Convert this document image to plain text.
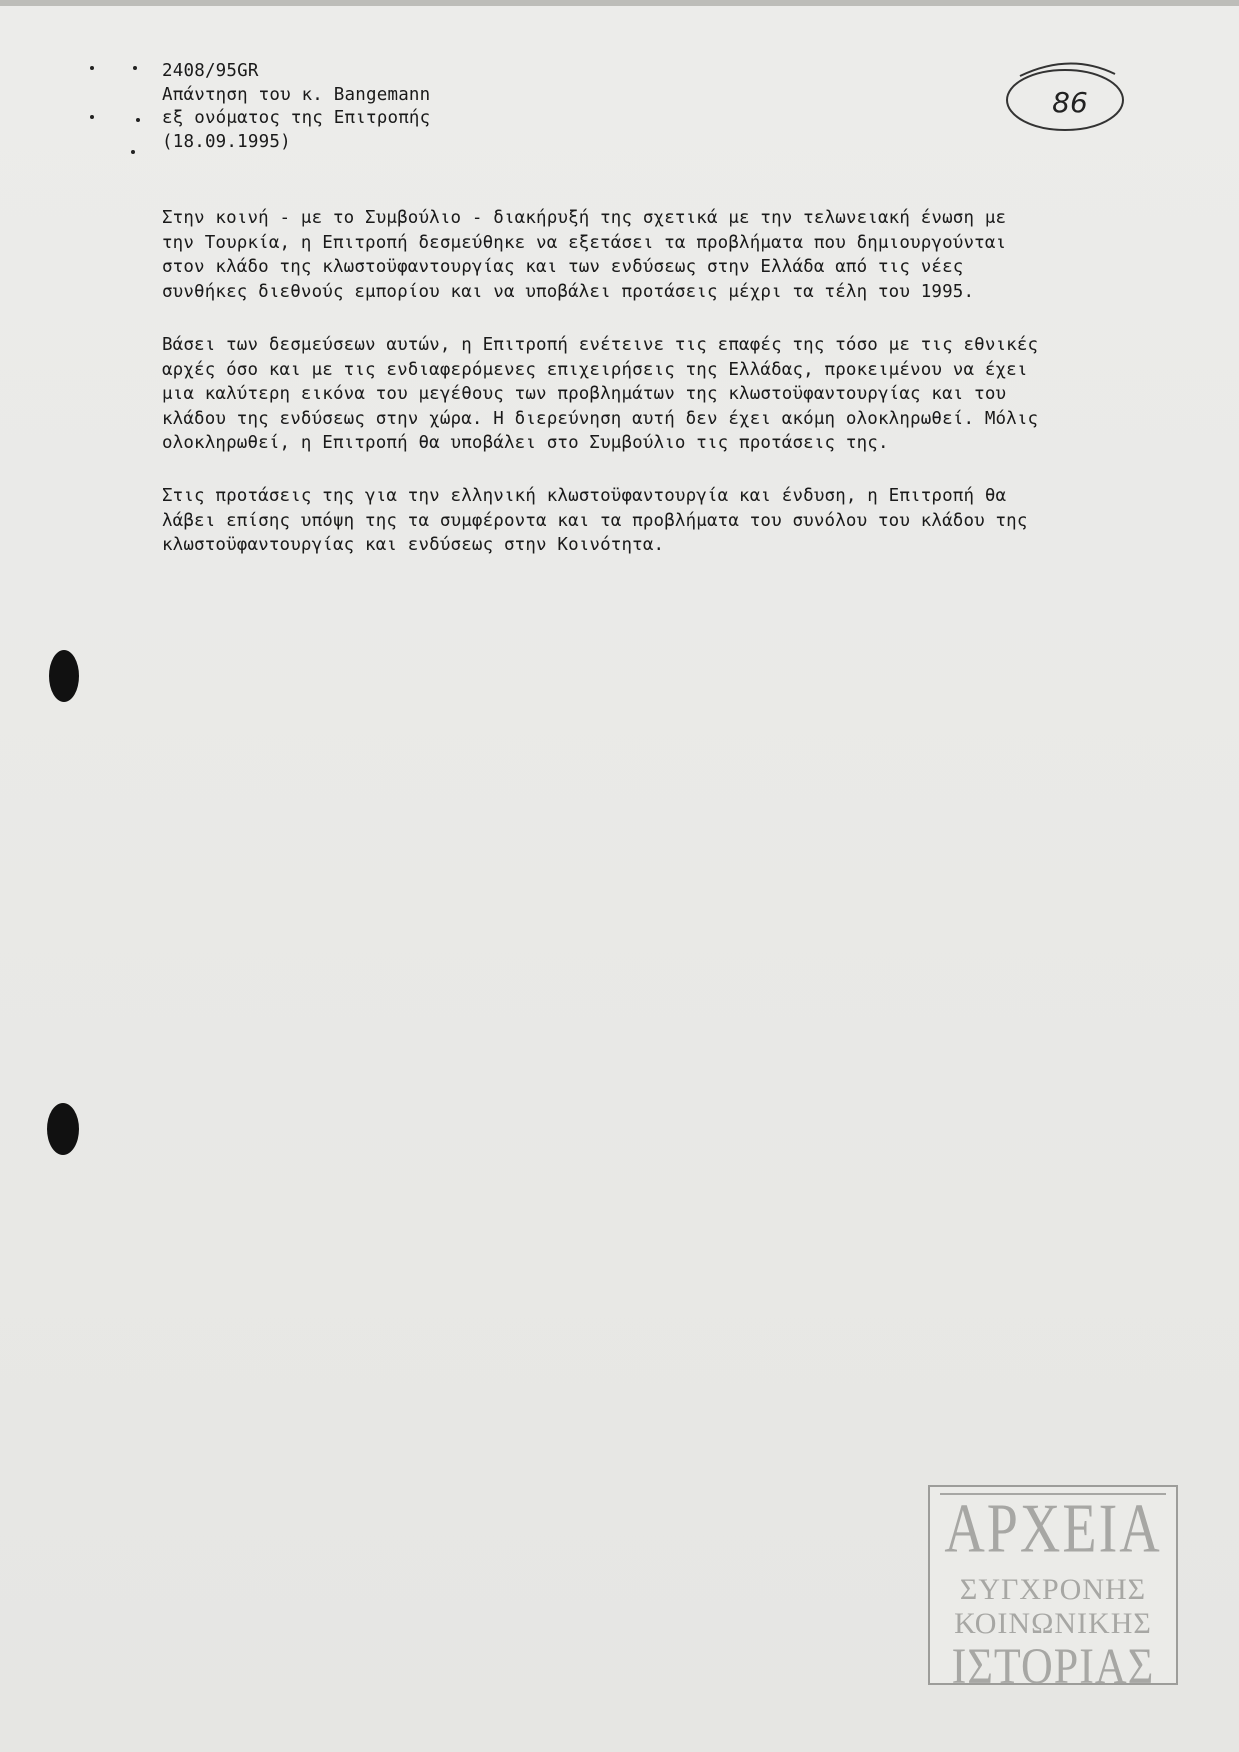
2408/95GR
Απάντηση του κ. Bangemann
εξ ονόματος της Επιτροπής
(18.09.1995)
86
Στην κοινή - με το Συμβούλιο - διακήρυξή της σχετικά με την τελωνειακή ένωση με
την Τουρκία, η Επιτροπή δεσμεύθηκε να εξετάσει τα προβλήματα που δημιουργούνται
στον κλάδο της κλωστοϋφαντουργίας και των ενδύσεως στην Ελλάδα από τις νέες
συνθήκες διεθνούς εμπορίου και να υποβάλει προτάσεις μέχρι τα τέλη του 1995.
Βάσει των δεσμεύσεων αυτών, η Επιτροπή ενέτεινε τις επαφές της τόσο με τις εθνικές
αρχές όσο και με τις ενδιαφερόμενες επιχειρήσεις της Ελλάδας, προκειμένου να έχει
μια καλύτερη εικόνα του μεγέθους των προβλημάτων της κλωστοϋφαντουργίας και του
κλάδου της ενδύσεως στην χώρα. Η διερεύνηση αυτή δεν έχει ακόμη ολοκληρωθεί. Μόλις
ολοκληρωθεί, η Επιτροπή θα υποβάλει στο Συμβούλιο τις προτάσεις της.
Στις προτάσεις της για την ελληνική κλωστοϋφαντουργία και ένδυση, η Επιτροπή θα
λάβει επίσης υπόψη της τα συμφέροντα και τα προβλήματα του συνόλου του κλάδου της
κλωστοϋφαντουργίας και ενδύσεως στην Κοινότητα.
ΑΡΧΕΙΑ
ΣΥΓΧΡΟΝΗΣ
ΚΟΙΝΩΝΙΚΗΣ
ΙΣΤΟΡΙΑΣ
